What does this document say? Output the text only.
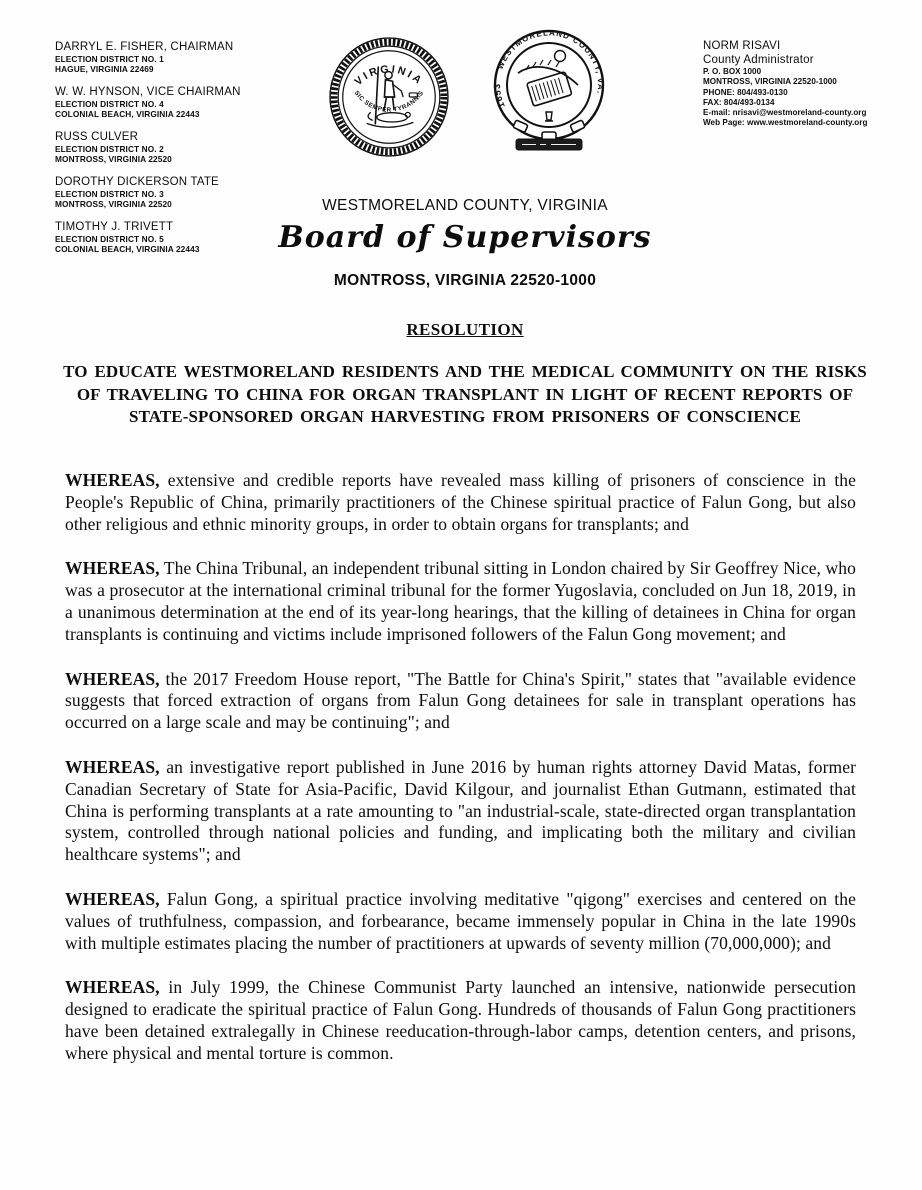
DARRYL E. FISHER, CHAIRMAN
ELECTION DISTRICT NO. 1
HAGUE, VIRGINIA 22469
W. W. HYNSON, VICE CHAIRMAN
ELECTION DISTRICT NO. 4
COLONIAL BEACH, VIRGINIA 22443
RUSS CULVER
ELECTION DISTRICT NO. 2
MONTROSS, VIRGINIA 22520
DOROTHY DICKERSON TATE
ELECTION DISTRICT NO. 3
MONTROSS, VIRGINIA 22520
TIMOTHY J. TRIVETT
ELECTION DISTRICT NO. 5
COLONIAL BEACH, VIRGINIA 22443
NORM RISAVI
County Administrator
P. O. BOX 1000
MONTROSS, VIRGINIA 22520-1000
PHONE: 804/493-0130
FAX: 804/493-0134
E-mail: nrisavi@westmoreland-county.org
Web Page: www.westmoreland-county.org
VIRGINIA
SIC SEMPER TYRANNIS
1653
WESTMORELAND COUNTY, VA.
WESTMORELAND COUNTY, VIRGINIA
Board of Supervisors
MONTROSS, VIRGINIA 22520-1000
RESOLUTION
TO EDUCATE WESTMORELAND RESIDENTS AND THE MEDICAL COMMUNITY ON THE RISKS OF TRAVELING TO CHINA FOR ORGAN TRANSPLANT IN LIGHT OF RECENT REPORTS OF STATE-SPONSORED ORGAN HARVESTING FROM PRISONERS OF CONSCIENCE

WHEREAS, extensive and credible reports have revealed mass killing of prisoners of conscience in the People's Republic of China, primarily practitioners of the Chinese spiritual practice of Falun Gong, but also other religious and ethnic minority groups, in order to obtain organs for transplants; and

WHEREAS, The China Tribunal, an independent tribunal sitting in London chaired by Sir Geoffrey Nice, who was a prosecutor at the international criminal tribunal for the former Yugoslavia, concluded on Jun 18, 2019, in a unanimous determination at the end of its year-long hearings, that the killing of detainees in China for organ transplants is continuing and victims include imprisoned followers of the Falun Gong movement; and

WHEREAS, the 2017 Freedom House report, "The Battle for China's Spirit," states that "available evidence suggests that forced extraction of organs from Falun Gong detainees for sale in transplant operations has occurred on a large scale and may be continuing"; and

WHEREAS, an investigative report published in June 2016 by human rights attorney David Matas, former Canadian Secretary of State for Asia-Pacific, David Kilgour, and journalist Ethan Gutmann, estimated that China is performing transplants at a rate amounting to "an industrial-scale, state-directed organ transplantation system, controlled through national policies and funding, and implicating both the military and civilian healthcare systems"; and

WHEREAS, Falun Gong, a spiritual practice involving meditative "qigong" exercises and centered on the values of truthfulness, compassion, and forbearance, became immensely popular in China in the late 1990s with multiple estimates placing the number of practitioners at upwards of seventy million (70,000,000); and

WHEREAS, in July 1999, the Chinese Communist Party launched an intensive, nationwide persecution designed to eradicate the spiritual practice of Falun Gong. Hundreds of thousands of Falun Gong practitioners have been detained extralegally in Chinese reeducation-through-labor camps, detention centers, and prisons, where physical and mental torture is common.
